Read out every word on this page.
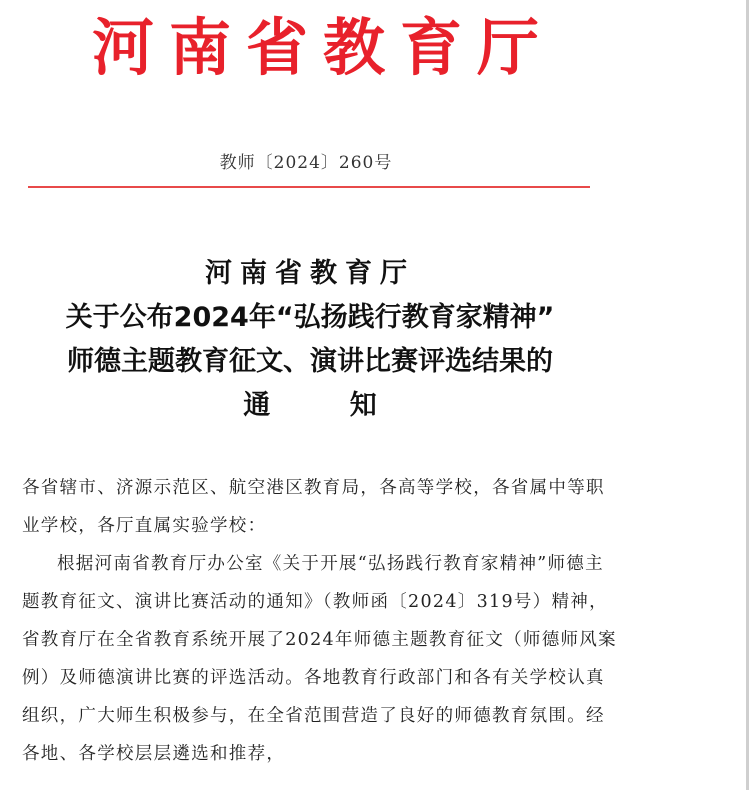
河南省教育厅
教师〔2024〕260号
河南省教育厅
关于公布2024年“弘扬践行教育家精神”
师德主题教育征文、演讲比赛评选结果的
通 知

各省辖市、济源示范区、航空港区教育局，各高等学校，各省属中等职业学校，各厅直属实验学校：

根据河南省教育厅办公室《关于开展“弘扬践行教育家精神”师德主题教育征文、演讲比赛活动的通知》（教师函〔2024〕319号）精神，省教育厅在全省教育系统开展了2024年师德主题教育征文（师德师风案例）及师德演讲比赛的评选活动。各地教育行政部门和各有关学校认真组织，广大师生积极参与，在全省范围营造了良好的师德教育氛围。经各地、各学校层层遴选和推荐，
